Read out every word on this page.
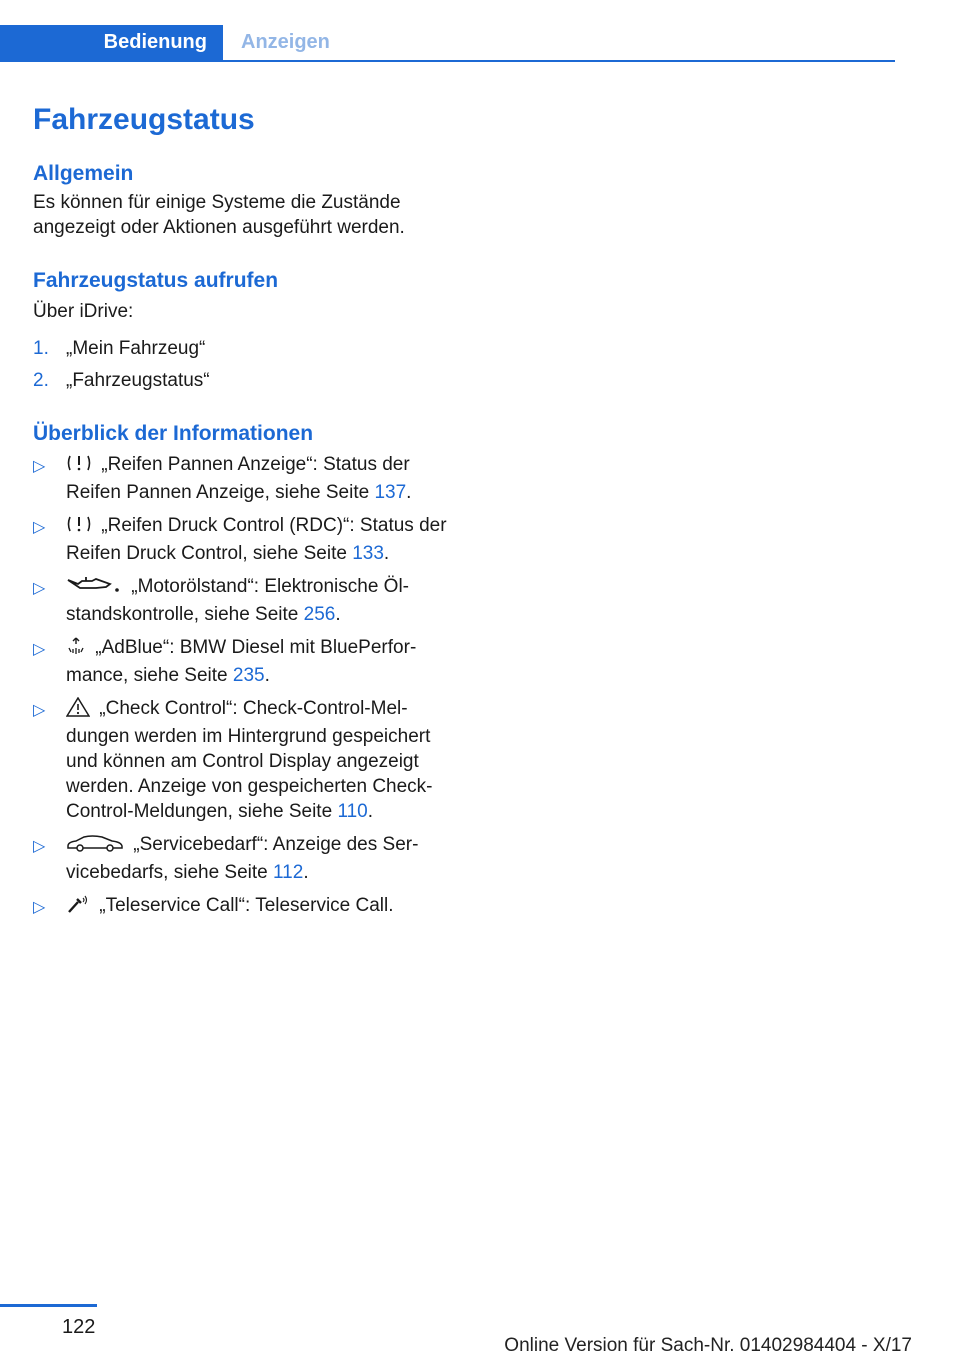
Bedienung	Anzeigen
Fahrzeugstatus
Allgemein

Es können für einige Systeme die Zustände angezeigt oder Aktionen ausgeführt werden.

Fahrzeugstatus aufrufen

Über iDrive:

1. „Mein Fahrzeug“
2. „Fahrzeugstatus“
Überblick der Informationen
▷	„Reifen Pannen Anzeige“: Status der Reifen Pannen Anzeige, siehe Seite 137.
▷	„Reifen Druck Control (RDC)“: Status der Reifen Druck Control, siehe Seite 133.
▷	„Motorölstand“: Elektronische Ölstandskontrolle, siehe Seite 256.
▷	„AdBlue“: BMW Diesel mit BluePerformance, siehe Seite 235.
▷	„Check Control“: Check-Control-Meldungen werden im Hintergrund gespeichert und können am Control Display angezeigt werden. Anzeige von gespeicherten Check-Control-Meldungen, siehe Seite 110.
▷	„Servicebedarf“: Anzeige des Servicebedarfs, siehe Seite 112.
▷	„Teleservice Call“: Teleservice Call.
122
Online Version für Sach-Nr. 01402984404 - X/17
